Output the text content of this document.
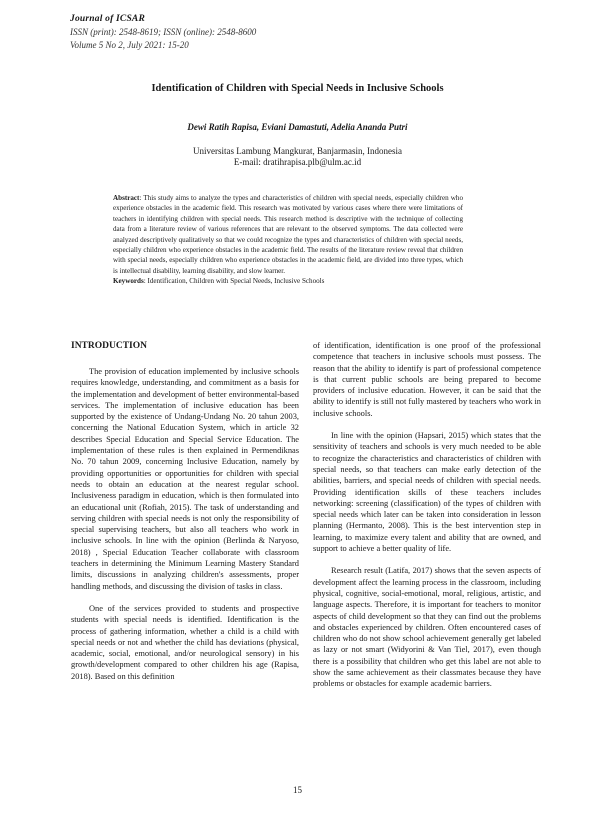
Journal of ICSAR
ISSN (print): 2548-8619; ISSN (online): 2548-8600
Volume 5 No 2, July 2021: 15-20
Identification of Children with Special Needs in Inclusive Schools
Dewi Ratih Rapisa, Eviani Damastuti, Adelia Ananda Putri
Universitas Lambung Mangkurat, Banjarmasin, Indonesia
E-mail: dratihrapisa.plb@ulm.ac.id
Abstract: This study aims to analyze the types and characteristics of children with special needs, especially children who experience obstacles in the academic field. This research was motivated by various cases where there were limitations of teachers in identifying children with special needs. This research method is descriptive with the technique of collecting data from a literature review of various references that are relevant to the observed symptoms. The data collected were analyzed descriptively qualitatively so that we could recognize the types and characteristics of children with special needs, especially children who experience obstacles in the academic field. The results of the literature review reveal that children with special needs, especially children who experience obstacles in the academic field, are divided into three types, which is intellectual disability, learning disability, and slow learner.
Keywords: Identification, Children with Special Needs, Inclusive Schools
INTRODUCTION

The provision of education implemented by inclusive schools requires knowledge, understanding, and commitment as a basis for the implementation and development of better environmental-based services. The implementation of inclusive education has been supported by the existence of Undang-Undang No. 20 tahun 2003, concerning the National Education System, which in article 32 describes Special Education and Special Service Education. The implementation of these rules is then explained in Permendiknas No. 70 tahun 2009, concerning Inclusive Education, namely by providing opportunities or opportunities for children with special needs to obtain an education at the nearest regular school. Inclusiveness paradigm in education, which is then formulated into an educational unit (Rofiah, 2015). The task of understanding and serving children with special needs is not only the responsibility of special supervising teachers, but also all teachers who work in inclusive schools. In line with the opinion (Berlinda & Naryoso, 2018) , Special Education Teacher collaborate with classroom teachers in determining the Minimum Learning Mastery Standard limits, discussions in analyzing children's assessments, proper handling methods, and discussing the division of tasks in class.

One of the services provided to students and prospective students with special needs is identified. Identification is the process of gathering information, whether a child is a child with special needs or not and whether the child has deviations (physical, academic, social, emotional, and/or neurological sensory) in his growth/development compared to other children his age (Rapisa, 2018). Based on this definition

of identification, identification is one proof of the professional competence that teachers in inclusive schools must possess. The reason that the ability to identify is part of professional competence is that current public schools are being prepared to become providers of inclusive education. However, it can be said that the ability to identify is still not fully mastered by teachers who work in inclusive schools.

In line with the opinion (Hapsari, 2015) which states that the sensitivity of teachers and schools is very much needed to be able to recognize the characteristics and characteristics of children with special needs, so that teachers can make early detection of the abilities, barriers, and special needs of children with special needs. Providing identification skills of these teachers includes networking: screening (classification) of the types of children with special needs which later can be taken into consideration in lesson planning (Hermanto, 2008). This is the best intervention step in learning, to maximize every talent and ability that are owned, and support to achieve a better quality of life.

Research result (Latifa, 2017) shows that the seven aspects of development affect the learning process in the classroom, including physical, cognitive, social-emotional, moral, religious, artistic, and language aspects. Therefore, it is important for teachers to monitor aspects of child development so that they can find out the problems and obstacles experienced by children. Often encountered cases of children who do not show school achievement generally get labeled as lazy or not smart (Widyorini & Van Tiel, 2017), even though there is a possibility that children who get this label are not able to show the same achievement as their classmates because they have problems or obstacles for example academic barriers.

15
